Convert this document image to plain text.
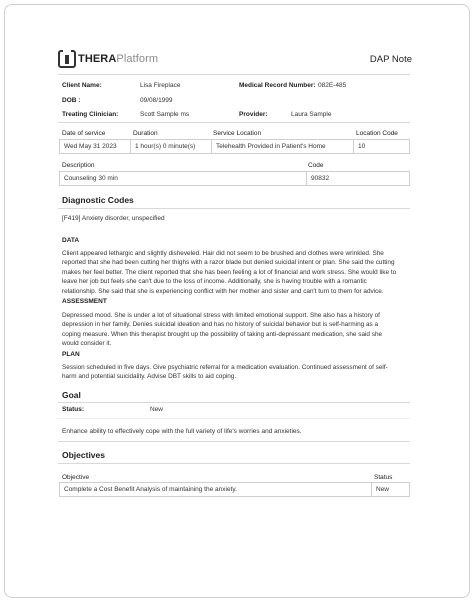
THERAPlatform	DAP Note
Client Name:	Lisa Fireplace	Medical Record Number: 082E-485
DOB :	09/08/1999
Treating Clinician:	Scott Sample ms	Provider:	Laura Sample
Date of service	Duration	Service Location	Location Code
Wed May 31 2023	1 hour(s) 0 minute(s)	Telehealth Provided in Patient's Home	10
Description	Code
Counseling 30 min	90832
Diagnostic Codes
[F419] Anxiety disorder, unspecified
DATA
Client appeared lethargic and slightly disheveled. Hair did not seem to be brushed and clothes were wrinkled. She
reported that she had been cutting her thighs with a razor blade but denied suicidal intent or plan. She said the cutting
makes her feel better. The client reported that she has been feeling a lot of financial and work stress. She would like to
leave her job but feels she can't due to the loss of income. Additionally, she is having trouble with a romantic
relationship. She said that she is experiencing conflict with her mother and sister and can't turn to them for advice.
ASSESSMENT
Depressed mood. She is under a lot of situational stress with limited emotional support. She also has a history of
depression in her family. Denies suicidal ideation and has no history of suicidal behavior but is self-harming as a
coping measure. When this therapist brought up the possibility of taking anti-depressant medication, she said she
would consider it.
PLAN
Session scheduled in five days. Give psychiatric referral for a medication evaluation. Continued assessment of self-
harm and potential suicidality. Advise DBT skills to aid coping.
Goal
Status:	New
Enhance ability to effectively cope with the full variety of life's worries and anxieties.
Objectives
Objective	Status
Complete a Cost Benefit Analysis of maintaining the anxiety.	New
